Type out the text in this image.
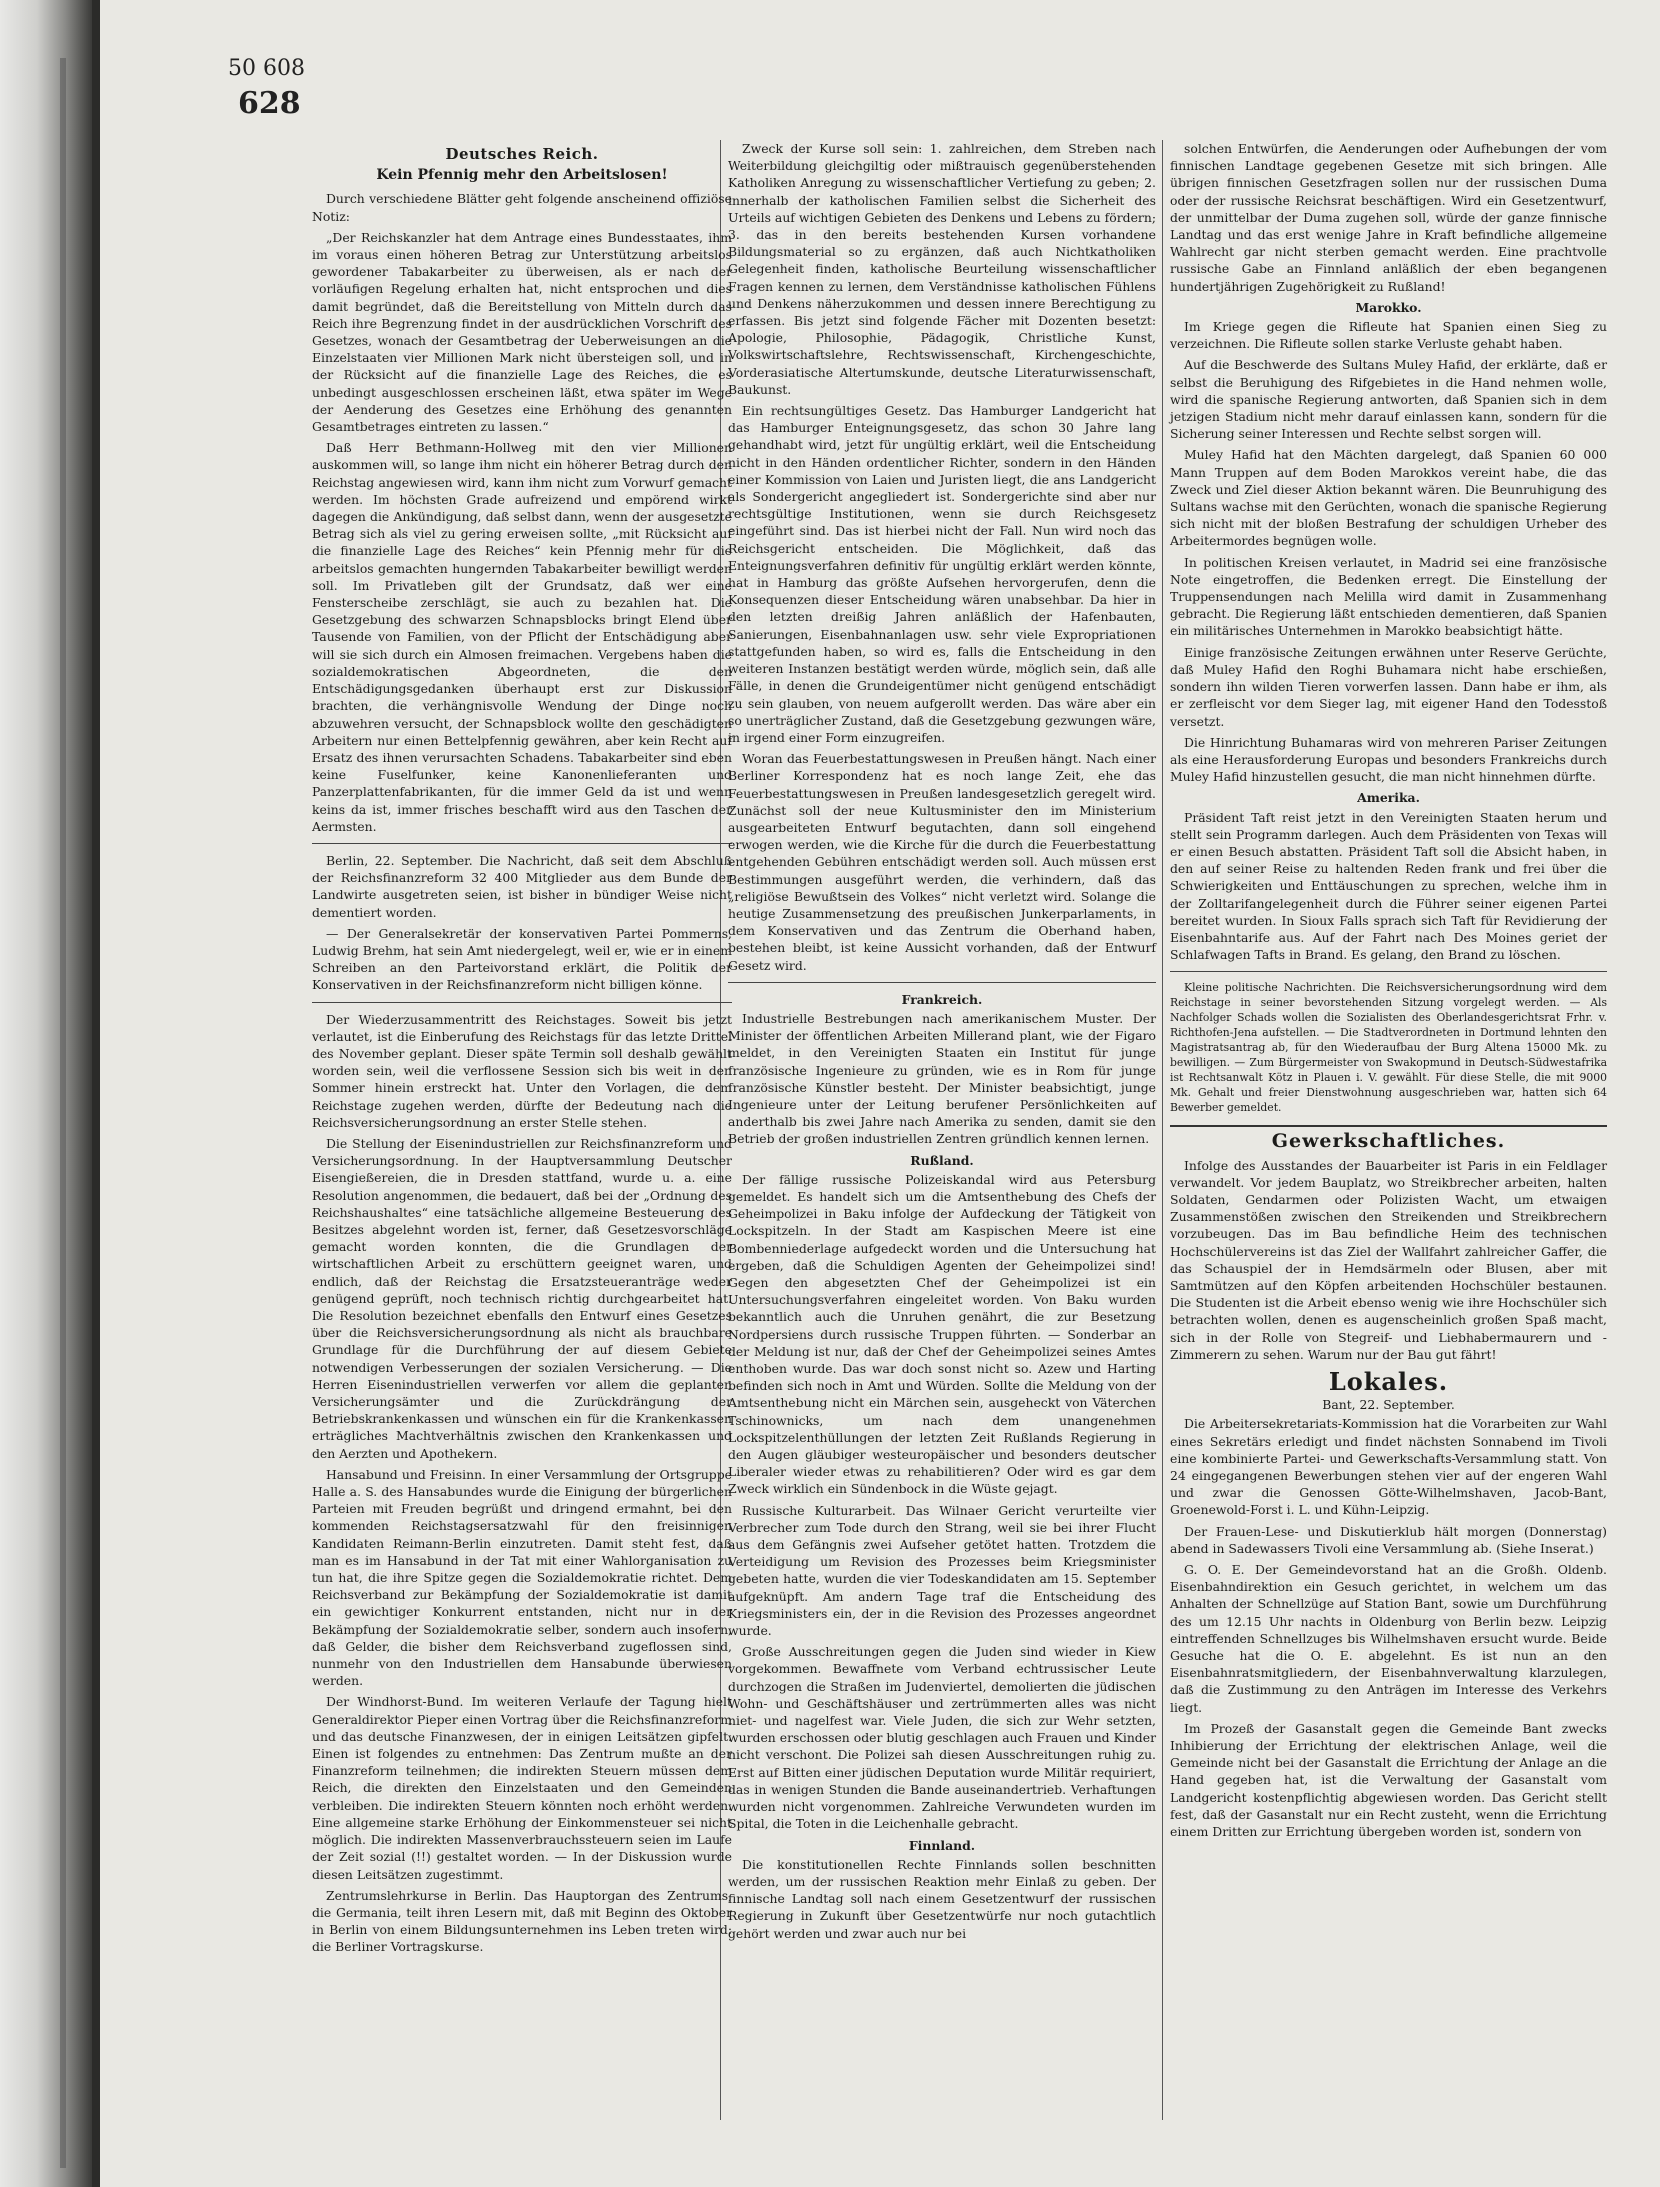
50 608
628
Deutsches Reich.
Kein Pfennig mehr den Arbeitslosen!

Durch verschiedene Blätter geht folgende anscheinend offiziöse Notiz:

„Der Reichskanzler hat dem Antrage eines Bundesstaates, ihm im voraus einen höheren Betrag zur Unterstützung arbeitslos gewordener Tabakarbeiter zu überweisen, als er nach der vorläufigen Regelung erhalten hat, nicht entsprochen und dies damit begründet, daß die Bereitstellung von Mitteln durch das Reich ihre Begrenzung findet in der ausdrücklichen Vorschrift des Gesetzes, wonach der Gesamtbetrag der Ueberweisungen an die Einzelstaaten vier Millionen Mark nicht übersteigen soll, und in der Rücksicht auf die finanzielle Lage des Reiches, die es unbedingt ausgeschlossen erscheinen läßt, etwa später im Wege der Aenderung des Gesetzes eine Erhöhung des genannten Gesamtbetrages eintreten zu lassen.“

Daß Herr Bethmann-Hollweg mit den vier Millionen auskommen will, so lange ihm nicht ein höherer Betrag durch den Reichstag angewiesen wird, kann ihm nicht zum Vorwurf gemacht werden. Im höchsten Grade aufreizend und empörend wirkt dagegen die Ankündigung, daß selbst dann, wenn der ausgesetzte Betrag sich als viel zu gering erweisen sollte, „mit Rücksicht auf die finanzielle Lage des Reiches“ kein Pfennig mehr für die arbeitslos gemachten hungernden Tabakarbeiter bewilligt werden soll. Im Privatleben gilt der Grundsatz, daß wer eine Fensterscheibe zerschlägt, sie auch zu bezahlen hat. Die Gesetzgebung des schwarzen Schnapsblocks bringt Elend über Tausende von Familien, von der Pflicht der Entschädigung aber will sie sich durch ein Almosen freimachen. Vergebens haben die sozialdemokratischen Abgeordneten, die den Entschädigungsgedanken überhaupt erst zur Diskussion brachten, die verhängnisvolle Wendung der Dinge noch abzuwehren versucht, der Schnapsblock wollte den geschädigten Arbeitern nur einen Bettelpfennig gewähren, aber kein Recht auf Ersatz des ihnen verursachten Schadens. Tabakarbeiter sind eben keine Fuselfunker, keine Kanonenlieferanten und Panzerplattenfabrikanten, für die immer Geld da ist und wenn keins da ist, immer frisches beschafft wird aus den Taschen der Aermsten.

Berlin, 22. September. Die Nachricht, daß seit dem Abschluß der Reichsfinanzreform 32 400 Mitglieder aus dem Bunde der Landwirte ausgetreten seien, ist bisher in bündiger Weise nicht dementiert worden.

— Der Generalsekretär der konservativen Partei Pommerns, Ludwig Brehm, hat sein Amt niedergelegt, weil er, wie er in einem Schreiben an den Parteivorstand erklärt, die Politik der Konservativen in der Reichsfinanzreform nicht billigen könne.

Der Wiederzusammentritt des Reichstages. Soweit bis jetzt verlautet, ist die Einberufung des Reichstags für das letzte Drittel des November geplant. Dieser späte Termin soll deshalb gewählt worden sein, weil die verflossene Session sich bis weit in den Sommer hinein erstreckt hat. Unter den Vorlagen, die dem Reichstage zugehen werden, dürfte der Bedeutung nach die Reichsversicherungsordnung an erster Stelle stehen.

Die Stellung der Eisenindustriellen zur Reichsfinanzreform und Versicherungsordnung. In der Hauptversammlung Deutscher Eisengießereien, die in Dresden stattfand, wurde u. a. eine Resolution angenommen, die bedauert, daß bei der „Ordnung des Reichshaushaltes“ eine tatsächliche allgemeine Besteuerung des Besitzes abgelehnt worden ist, ferner, daß Gesetzesvorschläge gemacht worden konnten, die die Grundlagen der wirtschaftlichen Arbeit zu erschüttern geeignet waren, und endlich, daß der Reichstag die Ersatzsteueranträge weder genügend geprüft, noch technisch richtig durchgearbeitet hat. Die Resolution bezeichnet ebenfalls den Entwurf eines Gesetzes über die Reichsversicherungsordnung als nicht als brauchbare Grundlage für die Durchführung der auf diesem Gebiete notwendigen Verbesserungen der sozialen Versicherung. — Die Herren Eisenindustriellen verwerfen vor allem die geplanten Versicherungsämter und die Zurückdrängung der Betriebskrankenkassen und wünschen ein für die Krankenkassen erträgliches Machtverhältnis zwischen den Krankenkassen und den Aerzten und Apothekern.

Hansabund und Freisinn. In einer Versammlung der Ortsgruppe Halle a. S. des Hansabundes wurde die Einigung der bürgerlichen Parteien mit Freuden begrüßt und dringend ermahnt, bei den kommenden Reichstagsersatzwahl für den freisinnigen Kandidaten Reimann-Berlin einzutreten. Damit steht fest, daß man es im Hansabund in der Tat mit einer Wahlorganisation zu tun hat, die ihre Spitze gegen die Sozialdemokratie richtet. Dem Reichsverband zur Bekämpfung der Sozialdemokratie ist damit ein gewichtiger Konkurrent entstanden, nicht nur in der Bekämpfung der Sozialdemokratie selber, sondern auch insofern, daß Gelder, die bisher dem Reichsverband zugeflossen sind, nunmehr von den Industriellen dem Hansabunde überwiesen werden.

Der Windhorst-Bund. Im weiteren Verlaufe der Tagung hielt Generaldirektor Pieper einen Vortrag über die Reichsfinanzreform und das deutsche Finanzwesen, der in einigen Leitsätzen gipfelt. Einen ist folgendes zu entnehmen: Das Zentrum mußte an der Finanzreform teilnehmen; die indirekten Steuern müssen dem Reich, die direkten den Einzelstaaten und den Gemeinden verbleiben. Die indirekten Steuern könnten noch erhöht werden. Eine allgemeine starke Erhöhung der Einkommensteuer sei nicht möglich. Die indirekten Massenverbrauchssteuern seien im Laufe der Zeit sozial (!!) gestaltet worden. — In der Diskussion wurde diesen Leitsätzen zugestimmt.

Zentrumslehrkurse in Berlin. Das Hauptorgan des Zentrums, die Germania, teilt ihren Lesern mit, daß mit Beginn des Oktober in Berlin von einem Bildungsunternehmen ins Leben treten wird: die Berliner Vortragskurse.

Zweck der Kurse soll sein: 1. zahlreichen, dem Streben nach Weiterbildung gleichgiltig oder mißtrauisch gegenüberstehenden Katholiken Anregung zu wissenschaftlicher Vertiefung zu geben; 2. innerhalb der katholischen Familien selbst die Sicherheit des Urteils auf wichtigen Gebieten des Denkens und Lebens zu fördern; 3. das in den bereits bestehenden Kursen vorhandene Bildungsmaterial so zu ergänzen, daß auch Nichtkatholiken Gelegenheit finden, katholische Beurteilung wissenschaftlicher Fragen kennen zu lernen, dem Verständnisse katholischen Fühlens und Denkens näherzukommen und dessen innere Berechtigung zu erfassen. Bis jetzt sind folgende Fächer mit Dozenten besetzt: Apologie, Philosophie, Pädagogik, Christliche Kunst, Volkswirtschaftslehre, Rechtswissenschaft, Kirchengeschichte, Vorderasiatische Altertumskunde, deutsche Literaturwissenschaft, Baukunst.

Ein rechtsungültiges Gesetz. Das Hamburger Landgericht hat das Hamburger Enteignungsgesetz, das schon 30 Jahre lang gehandhabt wird, jetzt für ungültig erklärt, weil die Entscheidung nicht in den Händen ordentlicher Richter, sondern in den Händen einer Kommission von Laien und Juristen liegt, die ans Landgericht als Sondergericht angegliedert ist. Sondergerichte sind aber nur rechtsgültige Institutionen, wenn sie durch Reichsgesetz eingeführt sind. Das ist hierbei nicht der Fall. Nun wird noch das Reichsgericht entscheiden. Die Möglichkeit, daß das Enteignungsverfahren definitiv für ungültig erklärt werden könnte, hat in Hamburg das größte Aufsehen hervorgerufen, denn die Konsequenzen dieser Entscheidung wären unabsehbar. Da hier in den letzten dreißig Jahren anläßlich der Hafenbauten, Sanierungen, Eisenbahnanlagen usw. sehr viele Expropriationen stattgefunden haben, so wird es, falls die Entscheidung in den weiteren Instanzen bestätigt werden würde, möglich sein, daß alle Fälle, in denen die Grundeigentümer nicht genügend entschädigt zu sein glauben, von neuem aufgerollt werden. Das wäre aber ein so unerträglicher Zustand, daß die Gesetzgebung gezwungen wäre, in irgend einer Form einzugreifen.

Woran das Feuerbestattungswesen in Preußen hängt. Nach einer Berliner Korrespondenz hat es noch lange Zeit, ehe das Feuerbestattungswesen in Preußen landesgesetzlich geregelt wird. Zunächst soll der neue Kultusminister den im Ministerium ausgearbeiteten Entwurf begutachten, dann soll eingehend erwogen werden, wie die Kirche für die durch die Feuerbestattung entgehenden Gebühren entschädigt werden soll. Auch müssen erst Bestimmungen ausgeführt werden, die verhindern, daß das „religiöse Bewußtsein des Volkes“ nicht verletzt wird. Solange die heutige Zusammensetzung des preußischen Junkerparlaments, in dem Konservativen und das Zentrum die Oberhand haben, bestehen bleibt, ist keine Aussicht vorhanden, daß der Entwurf Gesetz wird.

Frankreich.

Industrielle Bestrebungen nach amerikanischem Muster. Der Minister der öffentlichen Arbeiten Millerand plant, wie der Figaro meldet, in den Vereinigten Staaten ein Institut für junge französische Ingenieure zu gründen, wie es in Rom für junge französische Künstler besteht. Der Minister beabsichtigt, junge Ingenieure unter der Leitung berufener Persönlichkeiten auf anderthalb bis zwei Jahre nach Amerika zu senden, damit sie den Betrieb der großen industriellen Zentren gründlich kennen lernen.

Rußland.

Der fällige russische Polizeiskandal wird aus Petersburg gemeldet. Es handelt sich um die Amtsenthebung des Chefs der Geheimpolizei in Baku infolge der Aufdeckung der Tätigkeit von Lockspitzeln. In der Stadt am Kaspischen Meere ist eine Bombenniederlage aufgedeckt worden und die Untersuchung hat ergeben, daß die Schuldigen Agenten der Geheimpolizei sind! Gegen den abgesetzten Chef der Geheimpolizei ist ein Untersuchungsverfahren eingeleitet worden. Von Baku wurden bekanntlich auch die Unruhen genährt, die zur Besetzung Nordpersiens durch russische Truppen führten. — Sonderbar an der Meldung ist nur, daß der Chef der Geheimpolizei seines Amtes enthoben wurde. Das war doch sonst nicht so. Azew und Harting befinden sich noch in Amt und Würden. Sollte die Meldung von der Amtsenthebung nicht ein Märchen sein, ausgeheckt von Väterchen Tschinownicks, um nach dem unangenehmen Lockspitzelenthüllungen der letzten Zeit Rußlands Regierung in den Augen gläubiger westeuropäischer und besonders deutscher Liberaler wieder etwas zu rehabilitieren? Oder wird es gar dem Zweck wirklich ein Sündenbock in die Wüste gejagt.

Russische Kulturarbeit. Das Wilnaer Gericht verurteilte vier Verbrecher zum Tode durch den Strang, weil sie bei ihrer Flucht aus dem Gefängnis zwei Aufseher getötet hatten. Trotzdem die Verteidigung um Revision des Prozesses beim Kriegsminister gebeten hatte, wurden die vier Todeskandidaten am 15. September aufgeknüpft. Am andern Tage traf die Entscheidung des Kriegsministers ein, der in die Revision des Prozesses angeordnet wurde.

Große Ausschreitungen gegen die Juden sind wieder in Kiew vorgekommen. Bewaffnete vom Verband echtrussischer Leute durchzogen die Straßen im Judenviertel, demolierten die jüdischen Wohn- und Geschäftshäuser und zertrümmerten alles was nicht niet- und nagelfest war. Viele Juden, die sich zur Wehr setzten, wurden erschossen oder blutig geschlagen auch Frauen und Kinder nicht verschont. Die Polizei sah diesen Ausschreitungen ruhig zu. Erst auf Bitten einer jüdischen Deputation wurde Militär requiriert, das in wenigen Stunden die Bande auseinandertrieb. Verhaftungen wurden nicht vorgenommen. Zahlreiche Verwundeten wurden im Spital, die Toten in die Leichenhalle gebracht.

Finnland.

Die konstitutionellen Rechte Finnlands sollen beschnitten werden, um der russischen Reaktion mehr Einlaß zu geben. Der finnische Landtag soll nach einem Gesetzentwurf der russischen Regierung in Zukunft über Gesetzentwürfe nur noch gutachtlich gehört werden und zwar auch nur bei

solchen Entwürfen, die Aenderungen oder Aufhebungen der vom finnischen Landtage gegebenen Gesetze mit sich bringen. Alle übrigen finnischen Gesetzfragen sollen nur der russischen Duma oder der russische Reichsrat beschäftigen. Wird ein Gesetzentwurf, der unmittelbar der Duma zugehen soll, würde der ganze finnische Landtag und das erst wenige Jahre in Kraft befindliche allgemeine Wahlrecht gar nicht sterben gemacht werden. Eine prachtvolle russische Gabe an Finnland anläßlich der eben begangenen hundertjährigen Zugehörigkeit zu Rußland!

Marokko.

Im Kriege gegen die Rifleute hat Spanien einen Sieg zu verzeichnen. Die Rifleute sollen starke Verluste gehabt haben.

Auf die Beschwerde des Sultans Muley Hafid, der erklärte, daß er selbst die Beruhigung des Rifgebietes in die Hand nehmen wolle, wird die spanische Regierung antworten, daß Spanien sich in dem jetzigen Stadium nicht mehr darauf einlassen kann, sondern für die Sicherung seiner Interessen und Rechte selbst sorgen will.

Muley Hafid hat den Mächten dargelegt, daß Spanien 60 000 Mann Truppen auf dem Boden Marokkos vereint habe, die das Zweck und Ziel dieser Aktion bekannt wären. Die Beunruhigung des Sultans wachse mit den Gerüchten, wonach die spanische Regierung sich nicht mit der bloßen Bestrafung der schuldigen Urheber des Arbeitermordes begnügen wolle.

In politischen Kreisen verlautet, in Madrid sei eine französische Note eingetroffen, die Bedenken erregt. Die Einstellung der Truppensendungen nach Melilla wird damit in Zusammenhang gebracht. Die Regierung läßt entschieden dementieren, daß Spanien ein militärisches Unternehmen in Marokko beabsichtigt hätte.

Einige französische Zeitungen erwähnen unter Reserve Gerüchte, daß Muley Hafid den Roghi Buhamara nicht habe erschießen, sondern ihn wilden Tieren vorwerfen lassen. Dann habe er ihm, als er zerfleischt vor dem Sieger lag, mit eigener Hand den Todesstoß versetzt.

Die Hinrichtung Buhamaras wird von mehreren Pariser Zeitungen als eine Herausforderung Europas und besonders Frankreichs durch Muley Hafid hinzustellen gesucht, die man nicht hinnehmen dürfte.

Amerika.

Präsident Taft reist jetzt in den Vereinigten Staaten herum und stellt sein Programm darlegen. Auch dem Präsidenten von Texas will er einen Besuch abstatten. Präsident Taft soll die Absicht haben, in den auf seiner Reise zu haltenden Reden frank und frei über die Schwierigkeiten und Enttäuschungen zu sprechen, welche ihm in der Zolltarifangelegenheit durch die Führer seiner eigenen Partei bereitet wurden. In Sioux Falls sprach sich Taft für Revidierung der Eisenbahntarife aus. Auf der Fahrt nach Des Moines geriet der Schlafwagen Tafts in Brand. Es gelang, den Brand zu löschen.

Kleine politische Nachrichten. Die Reichsversicherungsordnung wird dem Reichstage in seiner bevorstehenden Sitzung vorgelegt werden. — Als Nachfolger Schads wollen die Sozialisten des Oberlandesgerichtsrat Frhr. v. Richthofen-Jena aufstellen. — Die Stadtverordneten in Dortmund lehnten den Magistratsantrag ab, für den Wiederaufbau der Burg Altena 15000 Mk. zu bewilligen. — Zum Bürgermeister von Swakopmund in Deutsch-Südwestafrika ist Rechtsanwalt Kötz in Plauen i. V. gewählt. Für diese Stelle, die mit 9000 Mk. Gehalt und freier Dienstwohnung ausgeschrieben war, hatten sich 64 Bewerber gemeldet.

Gewerkschaftliches.

Infolge des Ausstandes der Bauarbeiter ist Paris in ein Feldlager verwandelt. Vor jedem Bauplatz, wo Streikbrecher arbeiten, halten Soldaten, Gendarmen oder Polizisten Wacht, um etwaigen Zusammenstößen zwischen den Streikenden und Streikbrechern vorzubeugen. Das im Bau befindliche Heim des technischen Hochschülervereins ist das Ziel der Wallfahrt zahlreicher Gaffer, die das Schauspiel der in Hemdsärmeln oder Blusen, aber mit Samtmützen auf den Köpfen arbeitenden Hochschüler bestaunen. Die Studenten ist die Arbeit ebenso wenig wie ihre Hochschüler sich betrachten wollen, denen es augenscheinlich großen Spaß macht, sich in der Rolle von Stegreif- und Liebhabermaurern und -Zimmerern zu sehen. Warum nur der Bau gut fährt!

Lokales.
Bant, 22. September.

Die Arbeitersekretariats-Kommission hat die Vorarbeiten zur Wahl eines Sekretärs erledigt und findet nächsten Sonnabend im Tivoli eine kombinierte Partei- und Gewerkschafts-Versammlung statt. Von 24 eingegangenen Bewerbungen stehen vier auf der engeren Wahl und zwar die Genossen Götte-Wilhelmshaven, Jacob-Bant, Groenewold-Forst i. L. und Kühn-Leipzig.

Der Frauen-Lese- und Diskutierklub hält morgen (Donnerstag) abend in Sadewassers Tivoli eine Versammlung ab. (Siehe Inserat.)

G. O. E. Der Gemeindevorstand hat an die Großh. Oldenb. Eisenbahndirektion ein Gesuch gerichtet, in welchem um das Anhalten der Schnellzüge auf Station Bant, sowie um Durchführung des um 12.15 Uhr nachts in Oldenburg von Berlin bezw. Leipzig eintreffenden Schnellzuges bis Wilhelmshaven ersucht wurde. Beide Gesuche hat die O. E. abgelehnt. Es ist nun an den Eisenbahnratsmitgliedern, der Eisenbahnverwaltung klarzulegen, daß die Zustimmung zu den Anträgen im Interesse des Verkehrs liegt.

Im Prozeß der Gasanstalt gegen die Gemeinde Bant zwecks Inhibierung der Errichtung der elektrischen Anlage, weil die Gemeinde nicht bei der Gasanstalt die Errichtung der Anlage an die Hand gegeben hat, ist die Verwaltung der Gasanstalt vom Landgericht kostenpflichtig abgewiesen worden. Das Gericht stellt fest, daß der Gasanstalt nur ein Recht zusteht, wenn die Errichtung einem Dritten zur Errichtung übergeben worden ist, sondern von
